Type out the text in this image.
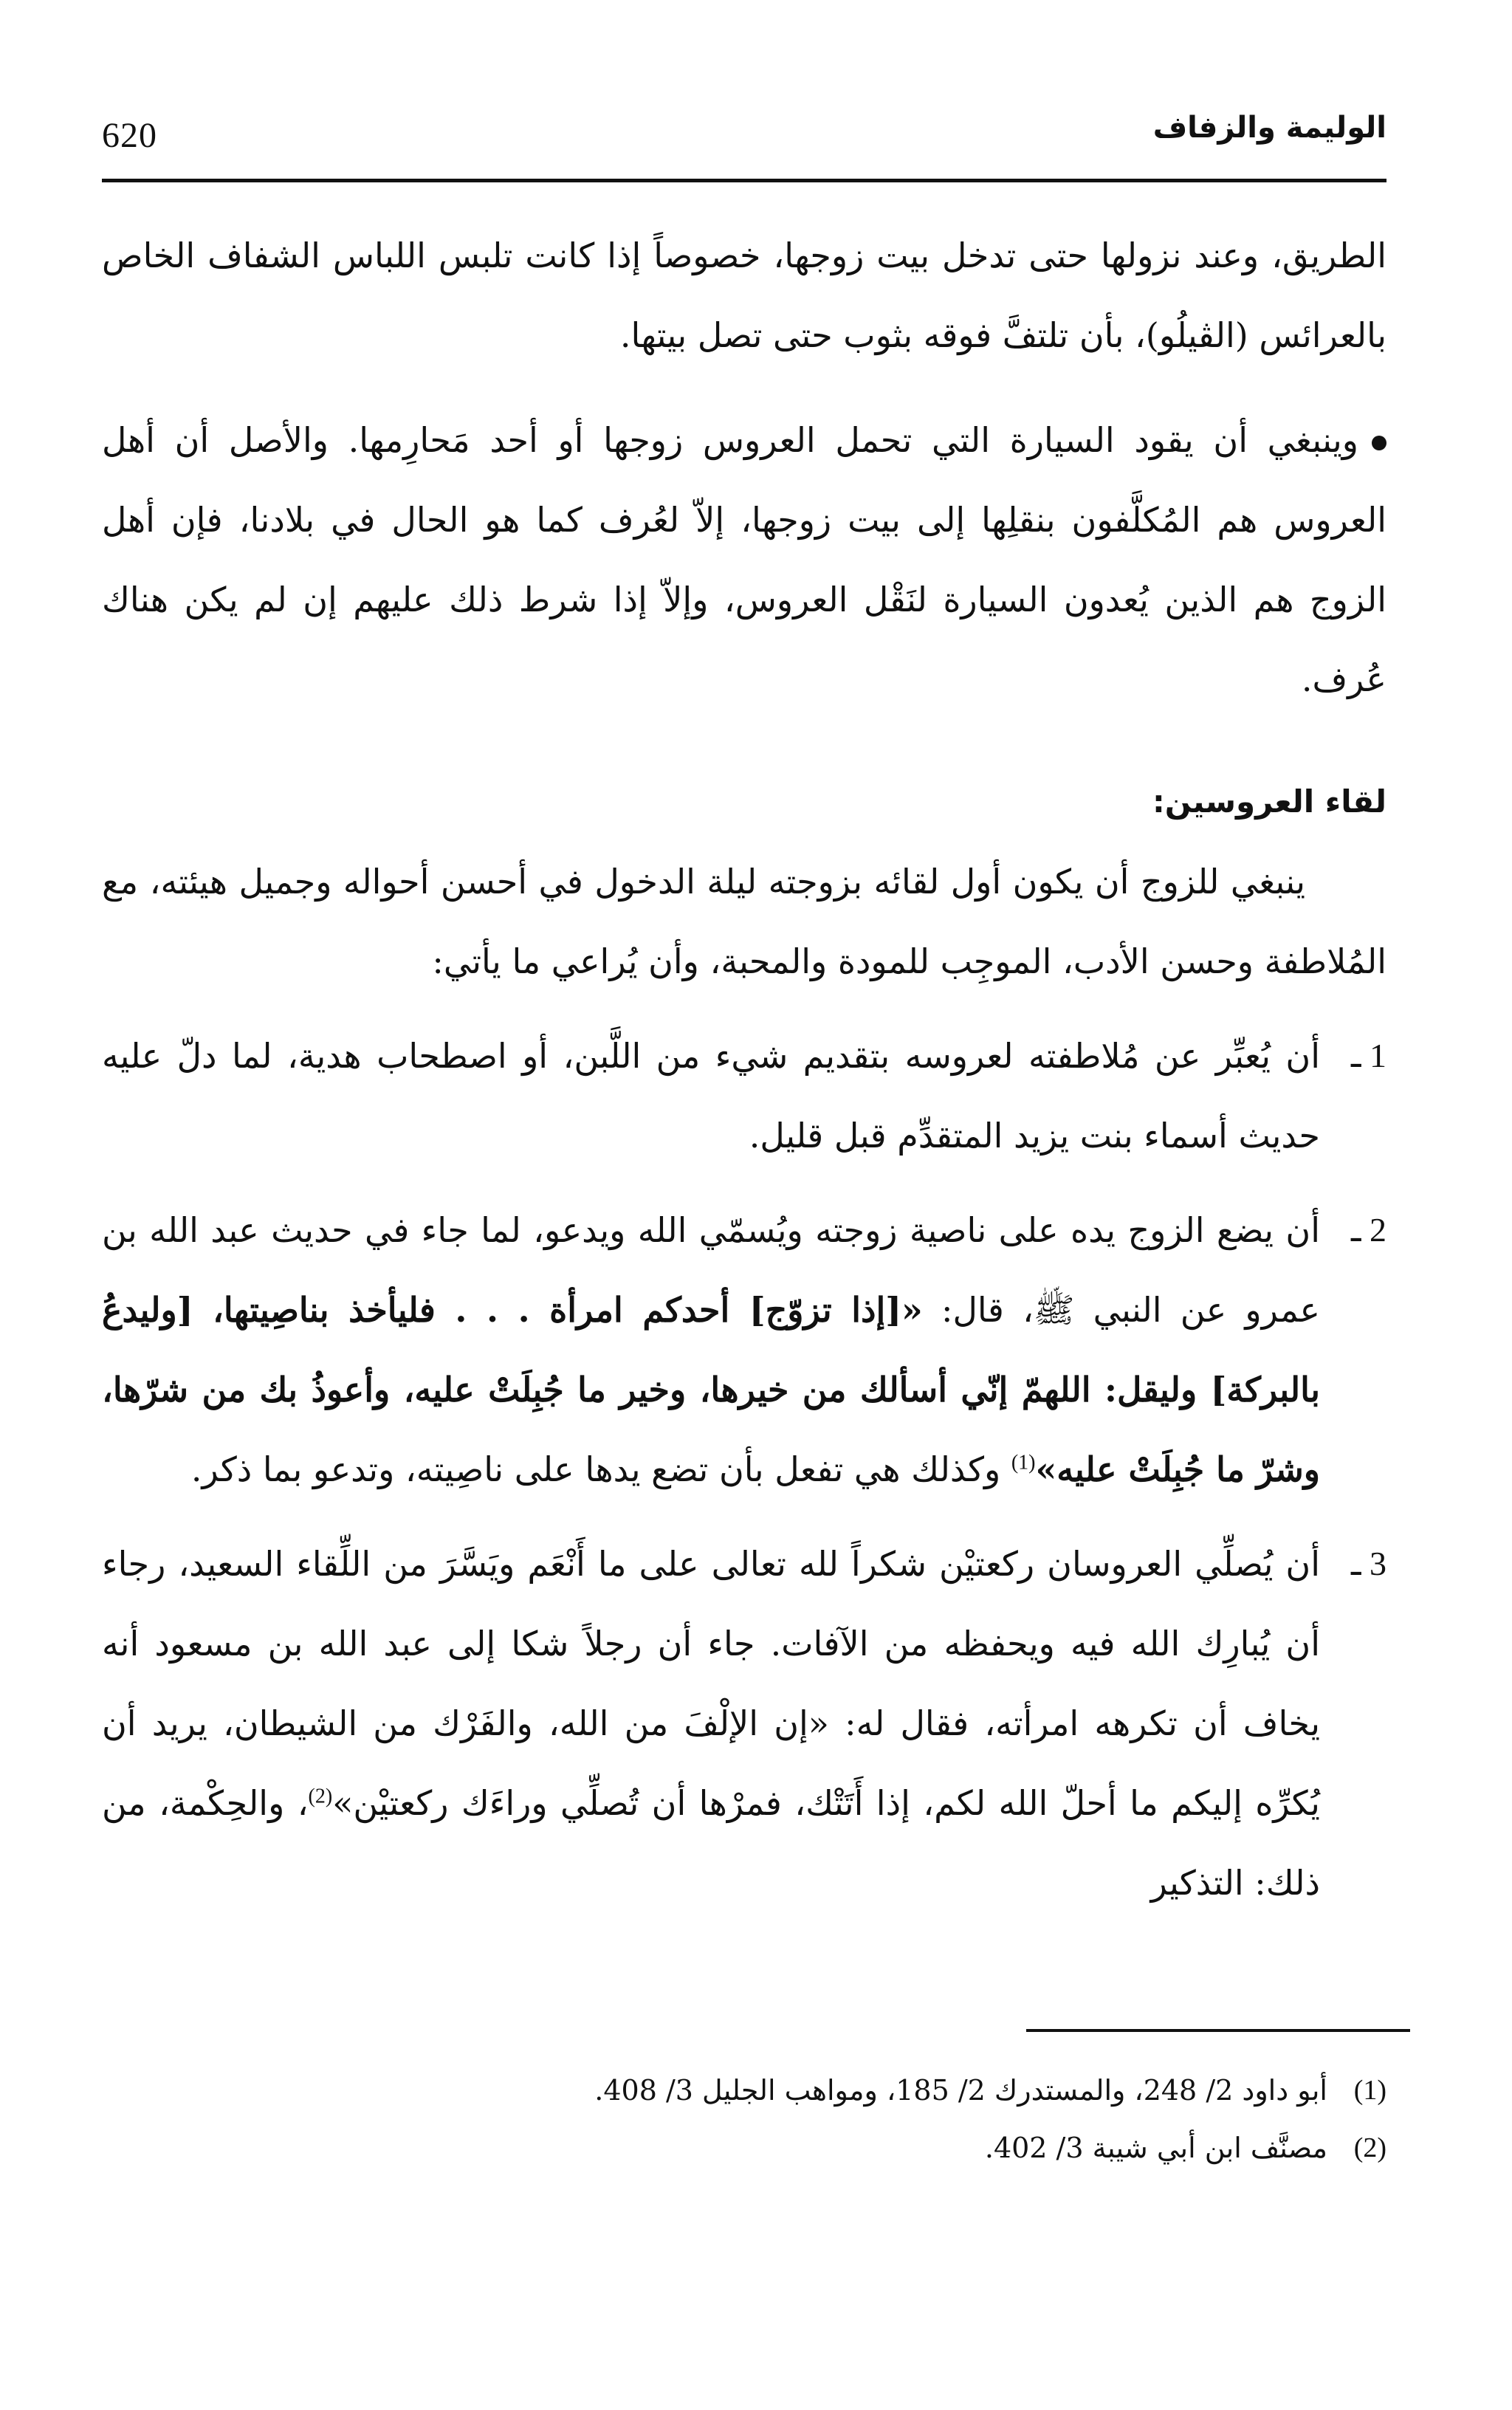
620	الوليمة والزفاف

الطريق، وعند نزولها حتى تدخل بيت زوجها، خصوصاً إذا كانت تلبس اللباس الشفاف الخاص بالعرائس (الڤيلُو)، بأن تلتفَّ فوقه بثوب حتى تصل بيتها.

وينبغي أن يقود السيارة التي تحمل العروس زوجها أو أحد مَحارِمها. والأصل أن أهل العروس هم المُكلَّفون بنقلِها إلى بيت زوجها، إلاّ لعُرف كما هو الحال في بلادنا، فإن أهل الزوج هم الذين يُعدون السيارة لنَقْل العروس، وإلاّ إذا شرط ذلك عليهم إن لم يكن هناك عُرف.

لقاء العروسين:

ينبغي للزوج أن يكون أول لقائه بزوجته ليلة الدخول في أحسن أحواله وجميل هيئته، مع المُلاطفة وحسن الأدب، الموجِب للمودة والمحبة، وأن يُراعي ما يأتي:

1 ـ
أن يُعبِّر عن مُلاطفته لعروسه بتقديم شيء من اللَّبن، أو اصطحاب هدية، لما دلّ عليه حديث أسماء بنت يزيد المتقدِّم قبل قليل.
2 ـ
أن يضع الزوج يده على ناصية زوجته ويُسمّي الله ويدعو، لما جاء في حديث عبد الله بن عمرو عن النبي ﷺ، قال: «[إذا تزوّج] أحدكم امرأة . . . فليأخذ بناصِيتها، [وليدعُ بالبركة] وليقل: اللهمّ إنّي أسألك من خيرها، وخير ما جُبِلَتْ عليه، وأعوذُ بك من شرّها، وشرّ ما جُبِلَتْ عليه»$^{(1)}$ وكذلك هي تفعل بأن تضع يدها على ناصِيته، وتدعو بما ذكر.
3 ـ
أن يُصلِّي العروسان ركعتيْن شكراً لله تعالى على ما أَنْعَم ويَسَّرَ من اللِّقاء السعيد، رجاء أن يُبارِك الله فيه ويحفظه من الآفات. جاء أن رجلاً شكا إلى عبد الله بن مسعود أنه يخاف أن تكرهه امرأته، فقال له: «إن الإلْفَ من الله، والفَرْك من الشيطان، يريد أن يُكرِّه إليكم ما أحلّ الله لكم، إذا أَتَتْك، فمرْها أن تُصلِّي وراءَك ركعتيْن»$^{(2)}$، والحِكْمة، من ذلك: التذكير
(1)
أبو داود 2/ 248، والمستدرك 2/ 185، ومواهب الجليل 3/ 408.
(2)
مصنَّف ابن أبي شيبة 3/ 402.
